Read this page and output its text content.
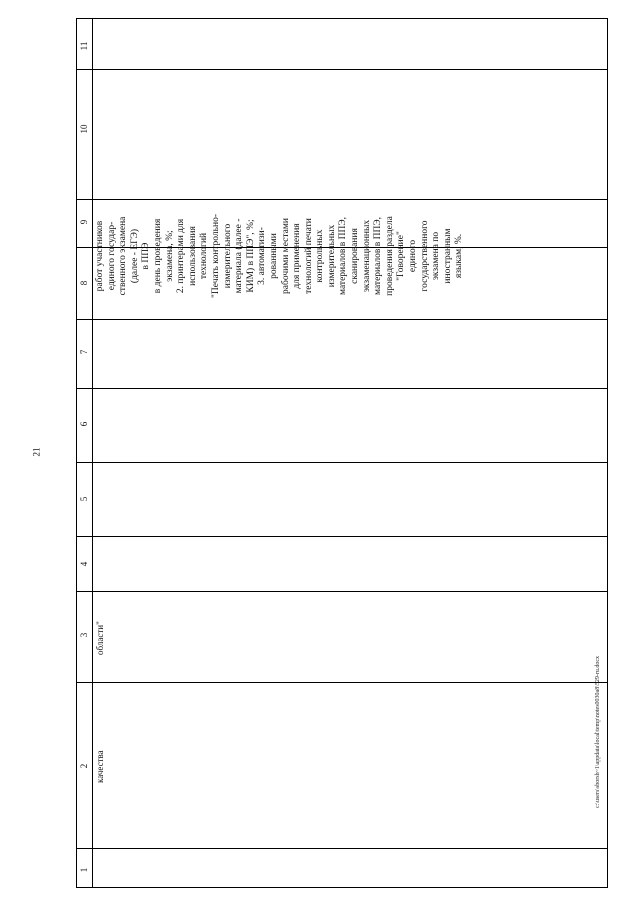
21
1
2
3
4
5
6
7
8
9
10
11
качества
области"
работ участников единого государ- ственного экзамена (далее - ЕГЭ) в ППЭ в день проведения экзамена, %; 2. принтерами для использования технологий "Печать контрольно- измерительного материала (далее - КИМ) в ППЭ", %; 3. автоматизи- рованными рабочими местами для применения технологий печати контрольных измерительных материалов в ППЭ, сканирования экзаменационных материалов в ППЭ, проведения раздела "Говорение" единого государственного экзамена по иностранным языкам, %.
c:\users\sborsh~1\appdata\local\temp\notes0030a8\529-ru.docx
